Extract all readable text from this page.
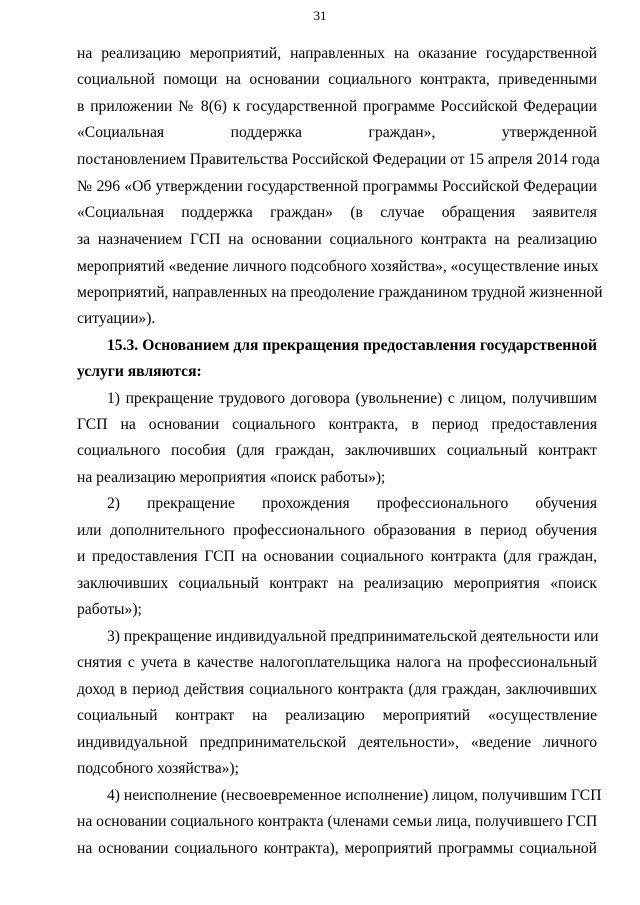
31
на реализацию мероприятий, направленных на оказание государственной
социальной помощи на основании социального контракта, приведенными
в приложении № 8(6) к государственной программе Российской Федерации
«Социальная поддержка граждан», утвержденной
постановлением Правительства Российской Федерации от 15 апреля 2014 года
№ 296 «Об утверждении государственной программы Российской Федерации
«Социальная поддержка граждан» (в случае обращения заявителя
за назначением ГСП на основании социального контракта на реализацию
мероприятий «ведение личного подсобного хозяйства», «осуществление иных
мероприятий, направленных на преодоление гражданином трудной жизненной
ситуации»).
15.3. Основанием для прекращения предоставления государственной
услуги являются:
1) прекращение трудового договора (увольнение) с лицом, получившим
ГСП на основании социального контракта, в период предоставления
социального пособия (для граждан, заключивших социальный контракт
на реализацию мероприятия «поиск работы»);
2) прекращение прохождения профессионального обучения
или дополнительного профессионального образования в период обучения
и предоставления ГСП на основании социального контракта (для граждан,
заключивших социальный контракт на реализацию мероприятия «поиск
работы»);
3) прекращение индивидуальной предпринимательской деятельности или
снятия с учета в качестве налогоплательщика налога на профессиональный
доход в период действия социального контракта (для граждан, заключивших
социальный контракт на реализацию мероприятий «осуществление
индивидуальной предпринимательской деятельности», «ведение личного
подсобного хозяйства»);
4) неисполнение (несвоевременное исполнение) лицом, получившим ГСП
на основании социального контракта (членами семьи лица, получившего ГСП
на основании социального контракта), мероприятий программы социальной
